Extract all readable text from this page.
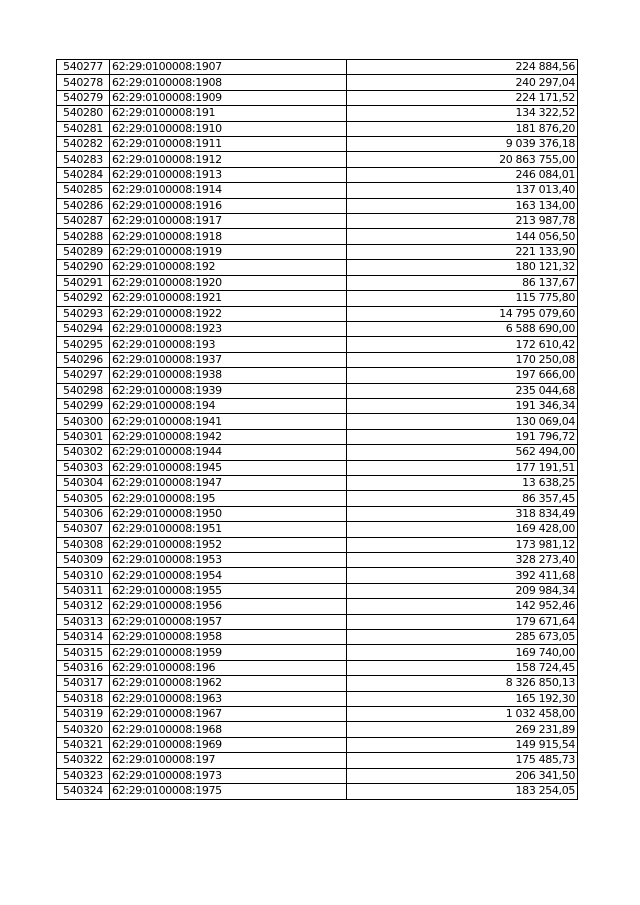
540277	62:29:0100008:1907	224 884,56
540278	62:29:0100008:1908	240 297,04
540279	62:29:0100008:1909	224 171,52
540280	62:29:0100008:191	134 322,52
540281	62:29:0100008:1910	181 876,20
540282	62:29:0100008:1911	9 039 376,18
540283	62:29:0100008:1912	20 863 755,00
540284	62:29:0100008:1913	246 084,01
540285	62:29:0100008:1914	137 013,40
540286	62:29:0100008:1916	163 134,00
540287	62:29:0100008:1917	213 987,78
540288	62:29:0100008:1918	144 056,50
540289	62:29:0100008:1919	221 133,90
540290	62:29:0100008:192	180 121,32
540291	62:29:0100008:1920	86 137,67
540292	62:29:0100008:1921	115 775,80
540293	62:29:0100008:1922	14 795 079,60
540294	62:29:0100008:1923	6 588 690,00
540295	62:29:0100008:193	172 610,42
540296	62:29:0100008:1937	170 250,08
540297	62:29:0100008:1938	197 666,00
540298	62:29:0100008:1939	235 044,68
540299	62:29:0100008:194	191 346,34
540300	62:29:0100008:1941	130 069,04
540301	62:29:0100008:1942	191 796,72
540302	62:29:0100008:1944	562 494,00
540303	62:29:0100008:1945	177 191,51
540304	62:29:0100008:1947	13 638,25
540305	62:29:0100008:195	86 357,45
540306	62:29:0100008:1950	318 834,49
540307	62:29:0100008:1951	169 428,00
540308	62:29:0100008:1952	173 981,12
540309	62:29:0100008:1953	328 273,40
540310	62:29:0100008:1954	392 411,68
540311	62:29:0100008:1955	209 984,34
540312	62:29:0100008:1956	142 952,46
540313	62:29:0100008:1957	179 671,64
540314	62:29:0100008:1958	285 673,05
540315	62:29:0100008:1959	169 740,00
540316	62:29:0100008:196	158 724,45
540317	62:29:0100008:1962	8 326 850,13
540318	62:29:0100008:1963	165 192,30
540319	62:29:0100008:1967	1 032 458,00
540320	62:29:0100008:1968	269 231,89
540321	62:29:0100008:1969	149 915,54
540322	62:29:0100008:197	175 485,73
540323	62:29:0100008:1973	206 341,50
540324	62:29:0100008:1975	183 254,05
